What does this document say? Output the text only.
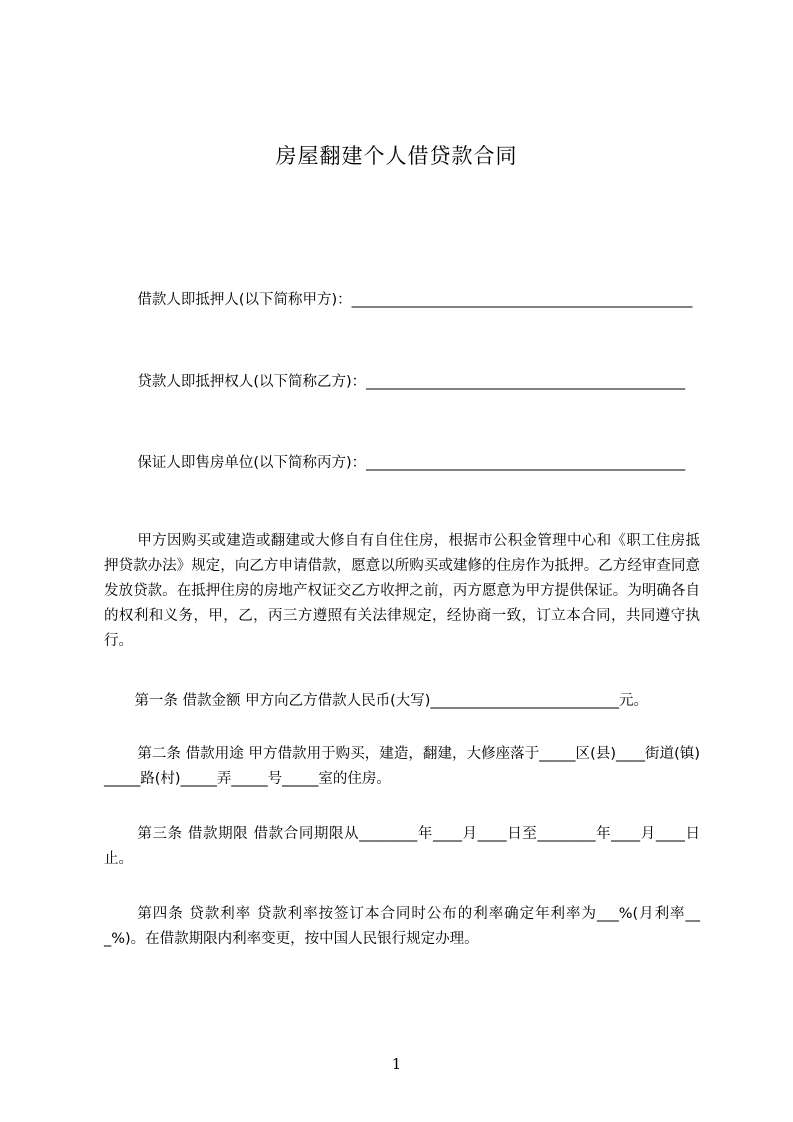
房屋翻建个人借贷款合同
借款人即抵押人(以下简称甲方)：_______________________________________________
贷款人即抵押权人(以下简称乙方)：____________________________________________
保证人即售房单位(以下简称丙方)：____________________________________________
甲方因购买或建造或翻建或大修自有自住住房，根据市公积金管理中心和《职工住房抵押贷款办法》规定，向乙方申请借款，愿意以所购买或建修的住房作为抵押。乙方经审查同意发放贷款。在抵押住房的房地产权证交乙方收押之前，丙方愿意为甲方提供保证。为明确各自的权利和义务，甲，乙，丙三方遵照有关法律规定，经协商一致，订立本合同，共同遵守执行。
第一条 借款金额 甲方向乙方借款人民币(大写)__________________________元。
第二条 借款用途 甲方借款用于购买，建造，翻建，大修座落于_____区(县)____街道(镇)_____路(村)_____弄_____号_____室的住房。
第三条 借款期限 借款合同期限从________年____月____日至________年____月____日止。
第四条 贷款利率 贷款利率按签订本合同时公布的利率确定年利率为___%(月利率___%)。在借款期限内利率变更，按中国人民银行规定办理。
1
